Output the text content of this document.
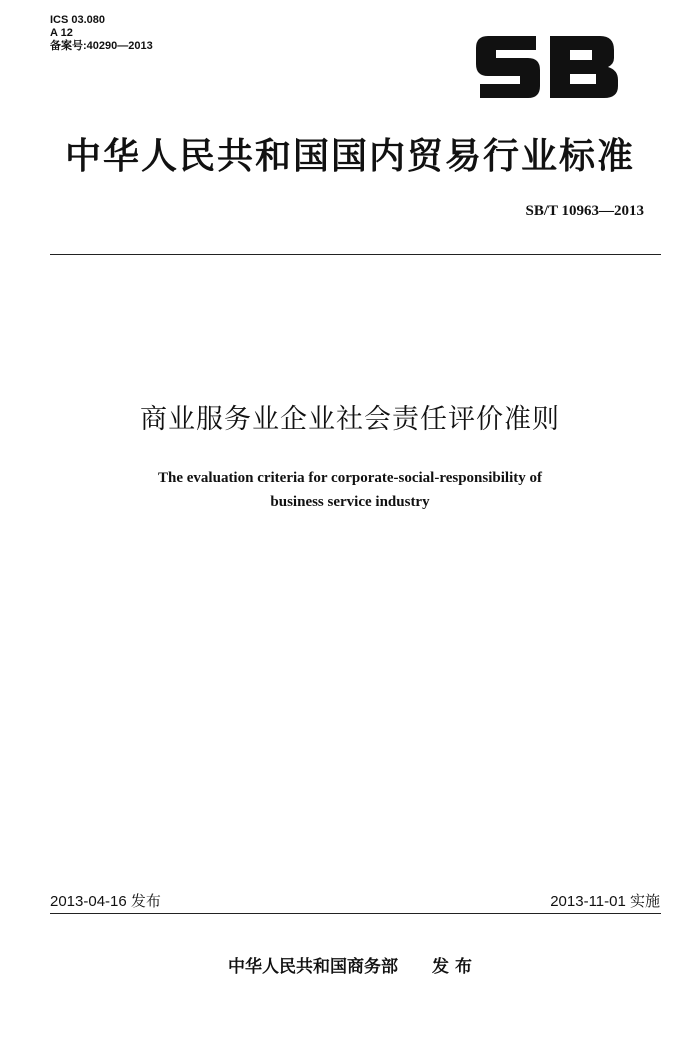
ICS 03.080
A 12
备案号:40290—2013
中华人民共和国国内贸易行业标准
SB/T 10963—2013
商业服务业企业社会责任评价准则
The evaluation criteria for corporate-social-responsibility of
business service industry
2013-04-16 发布	2013-11-01 实施
中华人民共和国商务部 发 布
